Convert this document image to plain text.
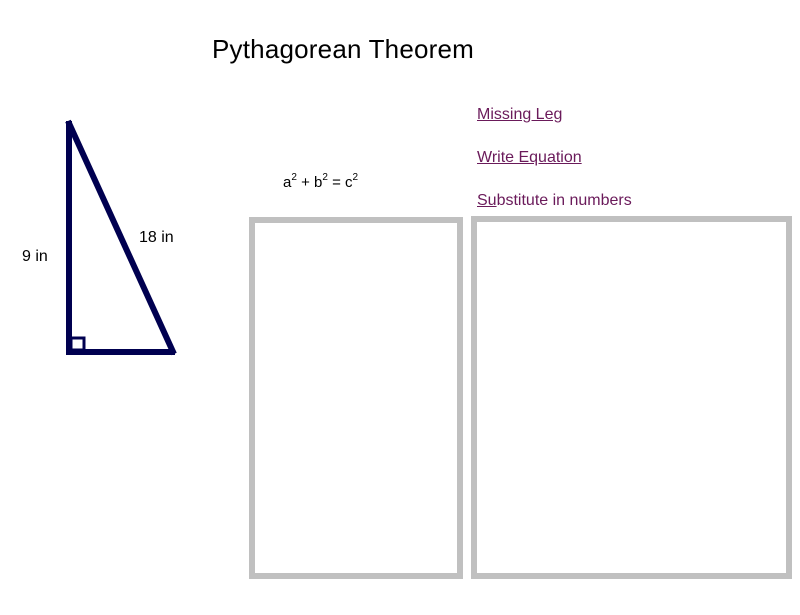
Pythagorean Theorem
Missing Leg
Write Equation
Substitute in numbers
$a^2 + b^2 = c^2$
9 in
18 in
